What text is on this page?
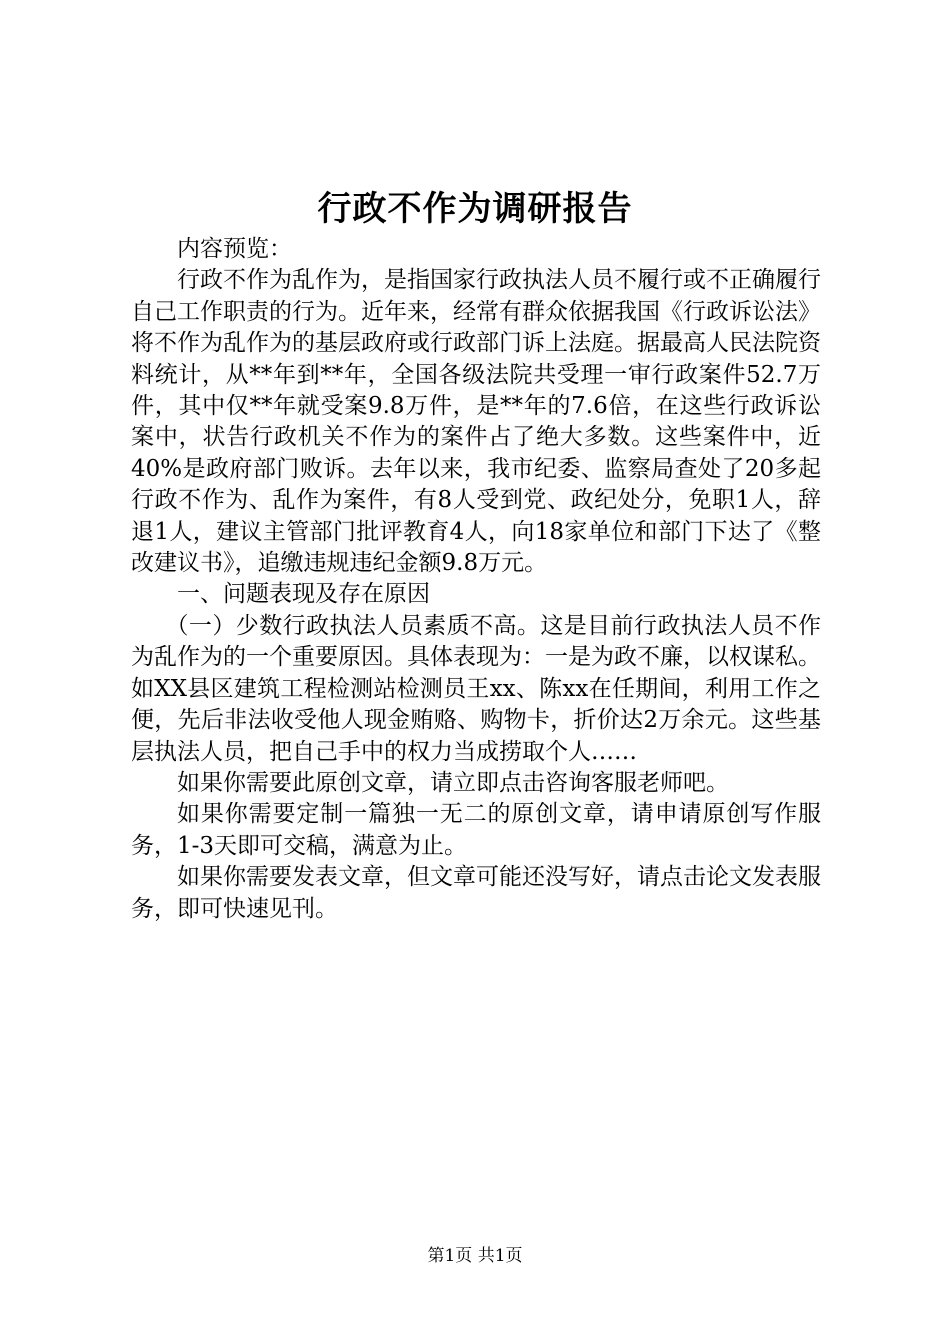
行政不作为调研报告

内容预览：

行政不作为乱作为，是指国家行政执法人员不履行或不正确履行自己工作职责的行为。近年来，经常有群众依据我国《行政诉讼法》将不作为乱作为的基层政府或行政部门诉上法庭。据最高人民法院资料统计，从**年到**年，全国各级法院共受理一审行政案件52.7万件，其中仅**年就受案9.8万件，是**年的7.6倍，在这些行政诉讼案中，状告行政机关不作为的案件占了绝大多数。这些案件中，近40%是政府部门败诉。去年以来，我市纪委、监察局查处了20多起行政不作为、乱作为案件，有8人受到党、政纪处分，免职1人，辞退1人，建议主管部门批评教育4人，向18家单位和部门下达了《整改建议书》，追缴违规违纪金额9.8万元。

一、问题表现及存在原因

（一）少数行政执法人员素质不高。这是目前行政执法人员不作为乱作为的一个重要原因。具体表现为：一是为政不廉，以权谋私。如XX县区建筑工程检测站检测员王xx、陈xx在任期间，利用工作之便，先后非法收受他人现金贿赂、购物卡，折价达2万余元。这些基层执法人员，把自己手中的权力当成捞取个人……

如果你需要此原创文章，请立即点击咨询客服老师吧。

如果你需要定制一篇独一无二的原创文章，请申请原创写作服务，1-3天即可交稿，满意为止。

如果你需要发表文章，但文章可能还没写好，请点击论文发表服务，即可快速见刊。

第1页 共1页
